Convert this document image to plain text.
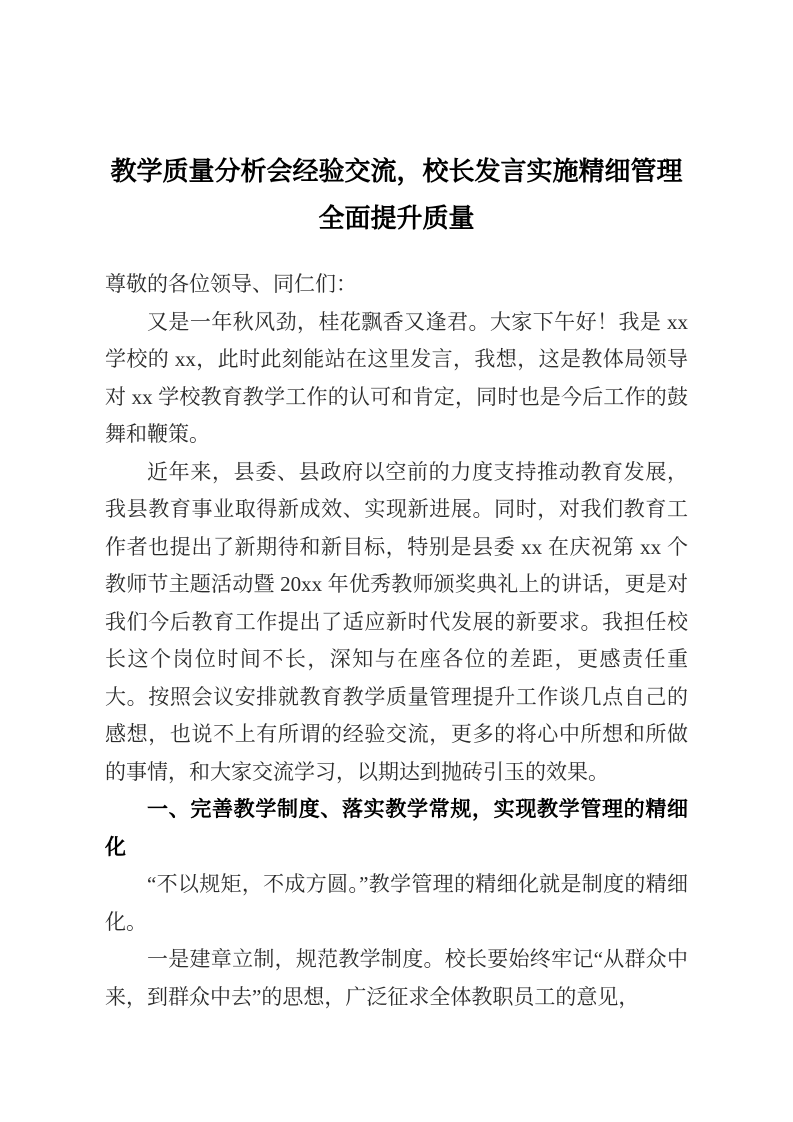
教学质量分析会经验交流，校长发言实施精细管理全面提升质量

尊敬的各位领导、同仁们：

又是一年秋风劲，桂花飘香又逢君。大家下午好！我是 xx 学校的 xx，此时此刻能站在这里发言，我想，这是教体局领导对 xx 学校教育教学工作的认可和肯定，同时也是今后工作的鼓舞和鞭策。

近年来，县委、县政府以空前的力度支持推动教育发展，我县教育事业取得新成效、实现新进展。同时，对我们教育工作者也提出了新期待和新目标，特别是县委 xx 在庆祝第 xx 个教师节主题活动暨 20xx 年优秀教师颁奖典礼上的讲话，更是对我们今后教育工作提出了适应新时代发展的新要求。我担任校长这个岗位时间不长，深知与在座各位的差距，更感责任重大。按照会议安排就教育教学质量管理提升工作谈几点自己的感想，也说不上有所谓的经验交流，更多的将心中所想和所做的事情，和大家交流学习，以期达到抛砖引玉的效果。

一、完善教学制度、落实教学常规，实现教学管理的精细化

“不以规矩，不成方圆。”教学管理的精细化就是制度的精细化。

一是建章立制，规范教学制度。校长要始终牢记“从群众中来，到群众中去”的思想，广泛征求全体教职员工的意见，
